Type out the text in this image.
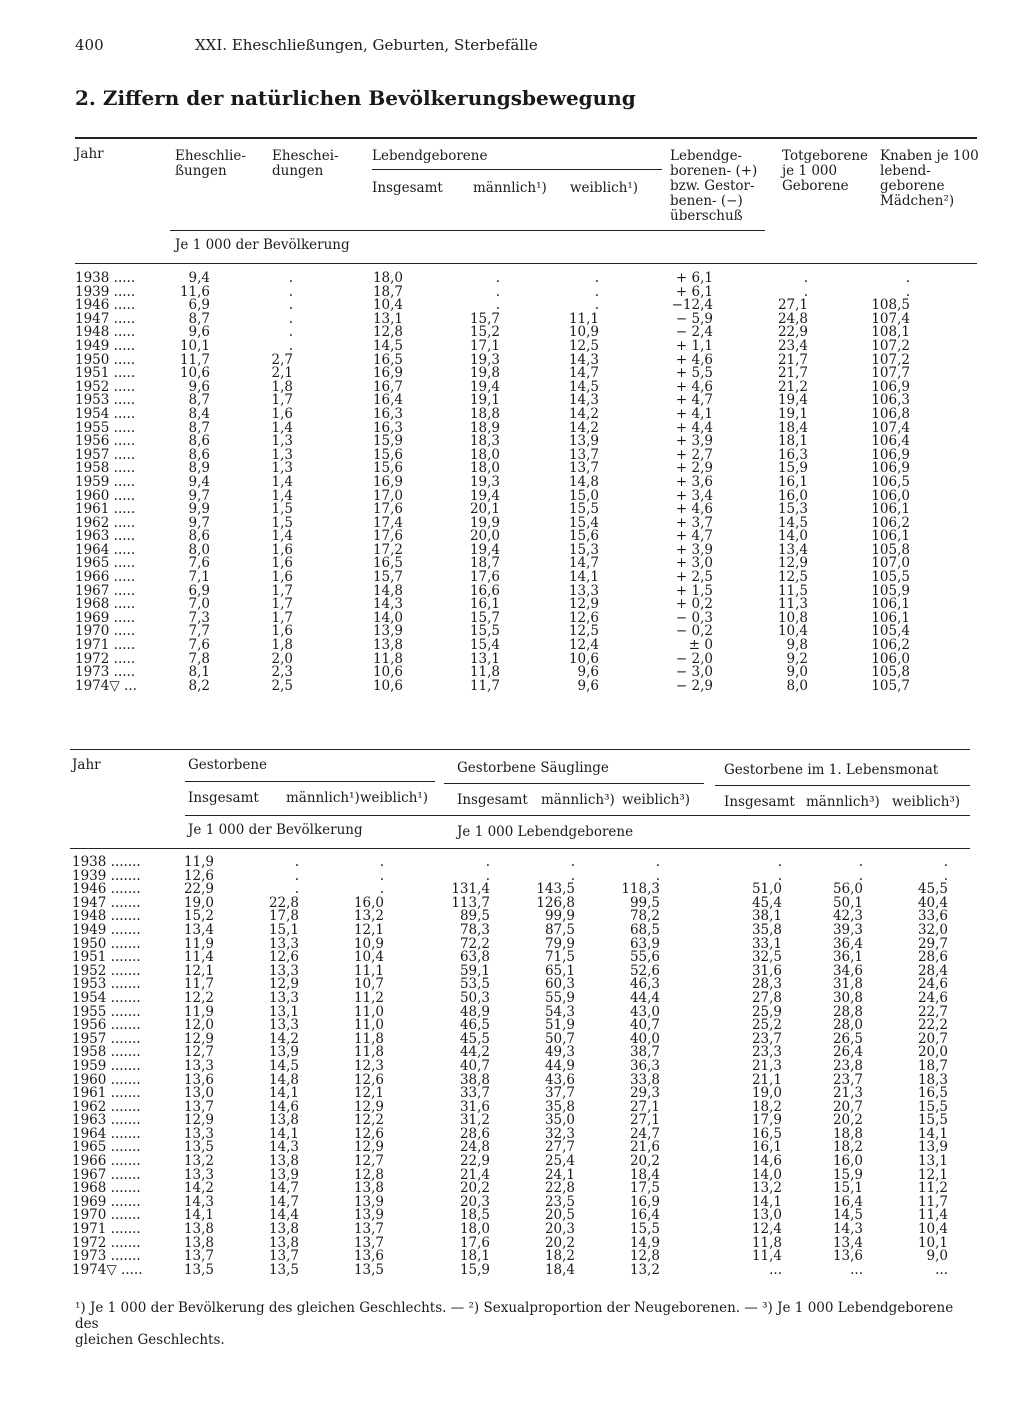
400	XXI. Eheschließungen, Geburten, Sterbefälle
2. Ziffern der natürlichen Bevölkerungsbewegung
Jahr	Eheschlie-
ßungen
Eheschei-
dungen
Lebendgeborene
Insgesamt männlich¹) weiblich¹)
Lebendge-
borenen- (+)
bzw. Gestor-
benen- (−)
überschuß
Totgeborene
je 1 000
Geborene
Knaben je 100
lebend-
geborene
Mädchen²)
Je 1 000 der Bevölkerung
1938 .....	9,4	.	18,0	.	.	+ 6,1	.	.
1939 .....	11,6	.	18,7	.	.	+ 6,1	.	.
1946 .....	6,9	.	10,4	.	.	−12,4	27,1	108,5
1947 .....	8,7	.	13,1	15,7	11,1	− 5,9	24,8	107,4
1948 .....	9,6	.	12,8	15,2	10,9	− 2,4	22,9	108,1
1949 .....	10,1	.	14,5	17,1	12,5	+ 1,1	23,4	107,2
1950 .....	11,7	2,7	16,5	19,3	14,3	+ 4,6	21,7	107,2
1951 .....	10,6	2,1	16,9	19,8	14,7	+ 5,5	21,7	107,7
1952 .....	9,6	1,8	16,7	19,4	14,5	+ 4,6	21,2	106,9
1953 .....	8,7	1,7	16,4	19,1	14,3	+ 4,7	19,4	106,3
1954 .....	8,4	1,6	16,3	18,8	14,2	+ 4,1	19,1	106,8
1955 .....	8,7	1,4	16,3	18,9	14,2	+ 4,4	18,4	107,4
1956 .....	8,6	1,3	15,9	18,3	13,9	+ 3,9	18,1	106,4
1957 .....	8,6	1,3	15,6	18,0	13,7	+ 2,7	16,3	106,9
1958 .....	8,9	1,3	15,6	18,0	13,7	+ 2,9	15,9	106,9
1959 .....	9,4	1,4	16,9	19,3	14,8	+ 3,6	16,1	106,5
1960 .....	9,7	1,4	17,0	19,4	15,0	+ 3,4	16,0	106,0
1961 .....	9,9	1,5	17,6	20,1	15,5	+ 4,6	15,3	106,1
1962 .....	9,7	1,5	17,4	19,9	15,4	+ 3,7	14,5	106,2
1963 .....	8,6	1,4	17,6	20,0	15,6	+ 4,7	14,0	106,1
1964 .....	8,0	1,6	17,2	19,4	15,3	+ 3,9	13,4	105,8
1965 .....	7,6	1,6	16,5	18,7	14,7	+ 3,0	12,9	107,0
1966 .....	7,1	1,6	15,7	17,6	14,1	+ 2,5	12,5	105,5
1967 .....	6,9	1,7	14,8	16,6	13,3	+ 1,5	11,5	105,9
1968 .....	7,0	1,7	14,3	16,1	12,9	+ 0,2	11,3	106,1
1969 .....	7,3	1,7	14,0	15,7	12,6	− 0,3	10,8	106,1
1970 .....	7,7	1,6	13,9	15,5	12,5	− 0,2	10,4	105,4
1971 .....	7,6	1,8	13,8	15,4	12,4	± 0	9,8	106,2
1972 .....	7,8	2,0	11,8	13,1	10,6	− 2,0	9,2	106,0
1973 .....	8,1	2,3	10,6	11,8	9,6	− 3,0	9,0	105,8
1974▽ ...	8,2	2,5	10,6	11,7	9,6	− 2,9	8,0	105,7
Jahr	Gestorbene	Gestorbene Säuglinge	Gestorbene im 1. Lebensmonat
Insgesamt männlich¹) weiblich¹) Insgesamt männlich³) weiblich³)	Insgesamt männlich³) weiblich³)
Je 1 000 der Bevölkerung	Je 1 000 Lebendgeborene
1938 .......	11,9	.	.	.	.	.	.	.	.
1939 .......	12,6	.	.	.	.	.	.	.	.
1946 .......	22,9	.	.	131,4	143,5	118,3	51,0	56,0	45,5
1947 .......	19,0	22,8	16,0	113,7	126,8	99,5	45,4	50,1	40,4
1948 .......	15,2	17,8	13,2	89,5	99,9	78,2	38,1	42,3	33,6
1949 .......	13,4	15,1	12,1	78,3	87,5	68,5	35,8	39,3	32,0
1950 .......	11,9	13,3	10,9	72,2	79,9	63,9	33,1	36,4	29,7
1951 .......	11,4	12,6	10,4	63,8	71,5	55,6	32,5	36,1	28,6
1952 .......	12,1	13,3	11,1	59,1	65,1	52,6	31,6	34,6	28,4
1953 .......	11,7	12,9	10,7	53,5	60,3	46,3	28,3	31,8	24,6
1954 .......	12,2	13,3	11,2	50,3	55,9	44,4	27,8	30,8	24,6
1955 .......	11,9	13,1	11,0	48,9	54,3	43,0	25,9	28,8	22,7
1956 .......	12,0	13,3	11,0	46,5	51,9	40,7	25,2	28,0	22,2
1957 .......	12,9	14,2	11,8	45,5	50,7	40,0	23,7	26,5	20,7
1958 .......	12,7	13,9	11,8	44,2	49,3	38,7	23,3	26,4	20,0
1959 .......	13,3	14,5	12,3	40,7	44,9	36,3	21,3	23,8	18,7
1960 .......	13,6	14,8	12,6	38,8	43,6	33,8	21,1	23,7	18,3
1961 .......	13,0	14,1	12,1	33,7	37,7	29,3	19,0	21,3	16,5
1962 .......	13,7	14,6	12,9	31,6	35,8	27,1	18,2	20,7	15,5
1963 .......	12,9	13,8	12,2	31,2	35,0	27,1	17,9	20,2	15,5
1964 .......	13,3	14,1	12,6	28,6	32,3	24,7	16,5	18,8	14,1
1965 .......	13,5	14,3	12,9	24,8	27,7	21,6	16,1	18,2	13,9
1966 .......	13,2	13,8	12,7	22,9	25,4	20,2	14,6	16,0	13,1
1967 .......	13,3	13,9	12,8	21,4	24,1	18,4	14,0	15,9	12,1
1968 .......	14,2	14,7	13,8	20,2	22,8	17,5	13,2	15,1	11,2
1969 .......	14,3	14,7	13,9	20,3	23,5	16,9	14,1	16,4	11,7
1970 .......	14,1	14,4	13,9	18,5	20,5	16,4	13,0	14,5	11,4
1971 .......	13,8	13,8	13,7	18,0	20,3	15,5	12,4	14,3	10,4
1972 .......	13,8	13,8	13,7	17,6	20,2	14,9	11,8	13,4	10,1
1973 .......	13,7	13,7	13,6	18,1	18,2	12,8	11,4	13,6	9,0
1974▽ .....	13,5	13,5	13,5	15,9	18,4	13,2	...	...	...
¹) Je 1 000 der Bevölkerung des gleichen Geschlechts. — ²) Sexualproportion der Neugeborenen. — ³) Je 1 000 Lebendgeborene des
gleichen Geschlechts.
